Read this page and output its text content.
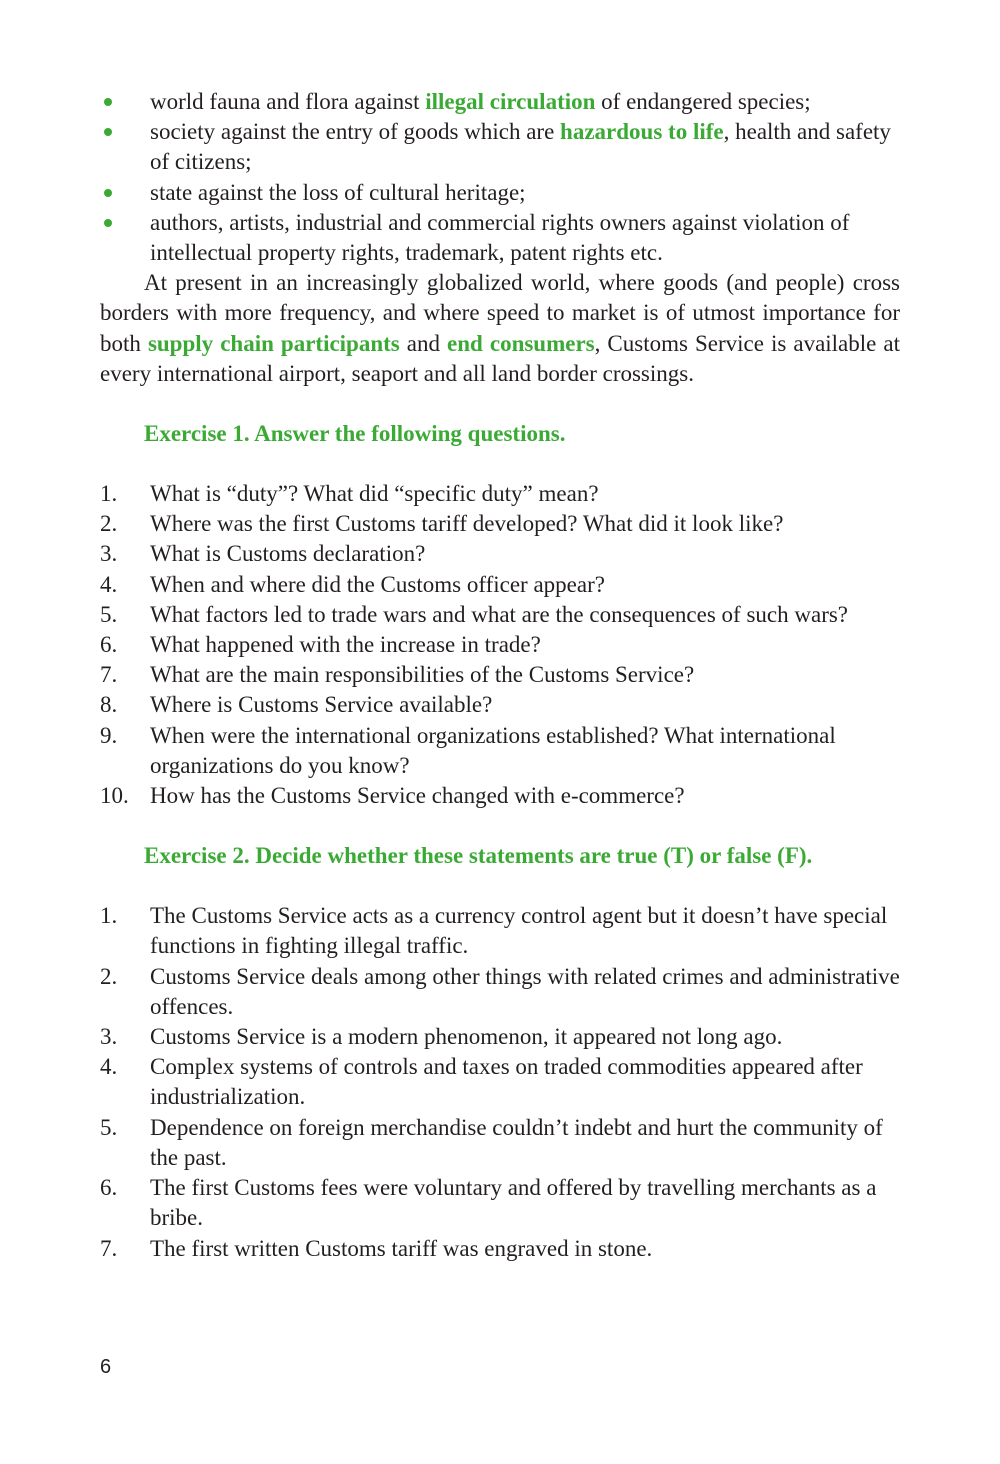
world fauna and flora against illegal circulation of endangered species;
society against the entry of goods which are hazardous to life, health and safety of citizens;
state against the loss of cultural heritage;
authors, artists, industrial and commercial rights owners against violation of intellectual property rights, trademark, patent rights etc.

At present in an increasingly globalized world, where goods (and people) cross borders with more frequency, and where speed to market is of utmost importance for both supply chain participants and end consumers, Customs Service is available at every international airport, seaport and all land border crossings.

Exercise 1. Answer the following questions.
1. What is “duty”? What did “specific duty” mean?
2. Where was the first Customs tariff developed? What did it look like?
3. What is Customs declaration?
4. When and where did the Customs officer appear?
5. What factors led to trade wars and what are the consequences of such wars?
6. What happened with the increase in trade?
7. What are the main responsibilities of the Customs Service?
8. Where is Customs Service available?
9. When were the international organizations established? What international organizations do you know?
10. How has the Customs Service changed with e-commerce?
Exercise 2. Decide whether these statements are true (T) or false (F).
1. The Customs Service acts as a currency control agent but it doesn’t have special functions in fighting illegal traffic.
2. Customs Service deals among other things with related crimes and administrative offences.
3. Customs Service is a modern phenomenon, it appeared not long ago.
4. Complex systems of controls and taxes on traded commodities appeared after industrialization.
5. Dependence on foreign merchandise couldn’t indebt and hurt the community of the past.
6. The first Customs fees were voluntary and offered by travelling merchants as a bribe.
7. The first written Customs tariff was engraved in stone.
6
